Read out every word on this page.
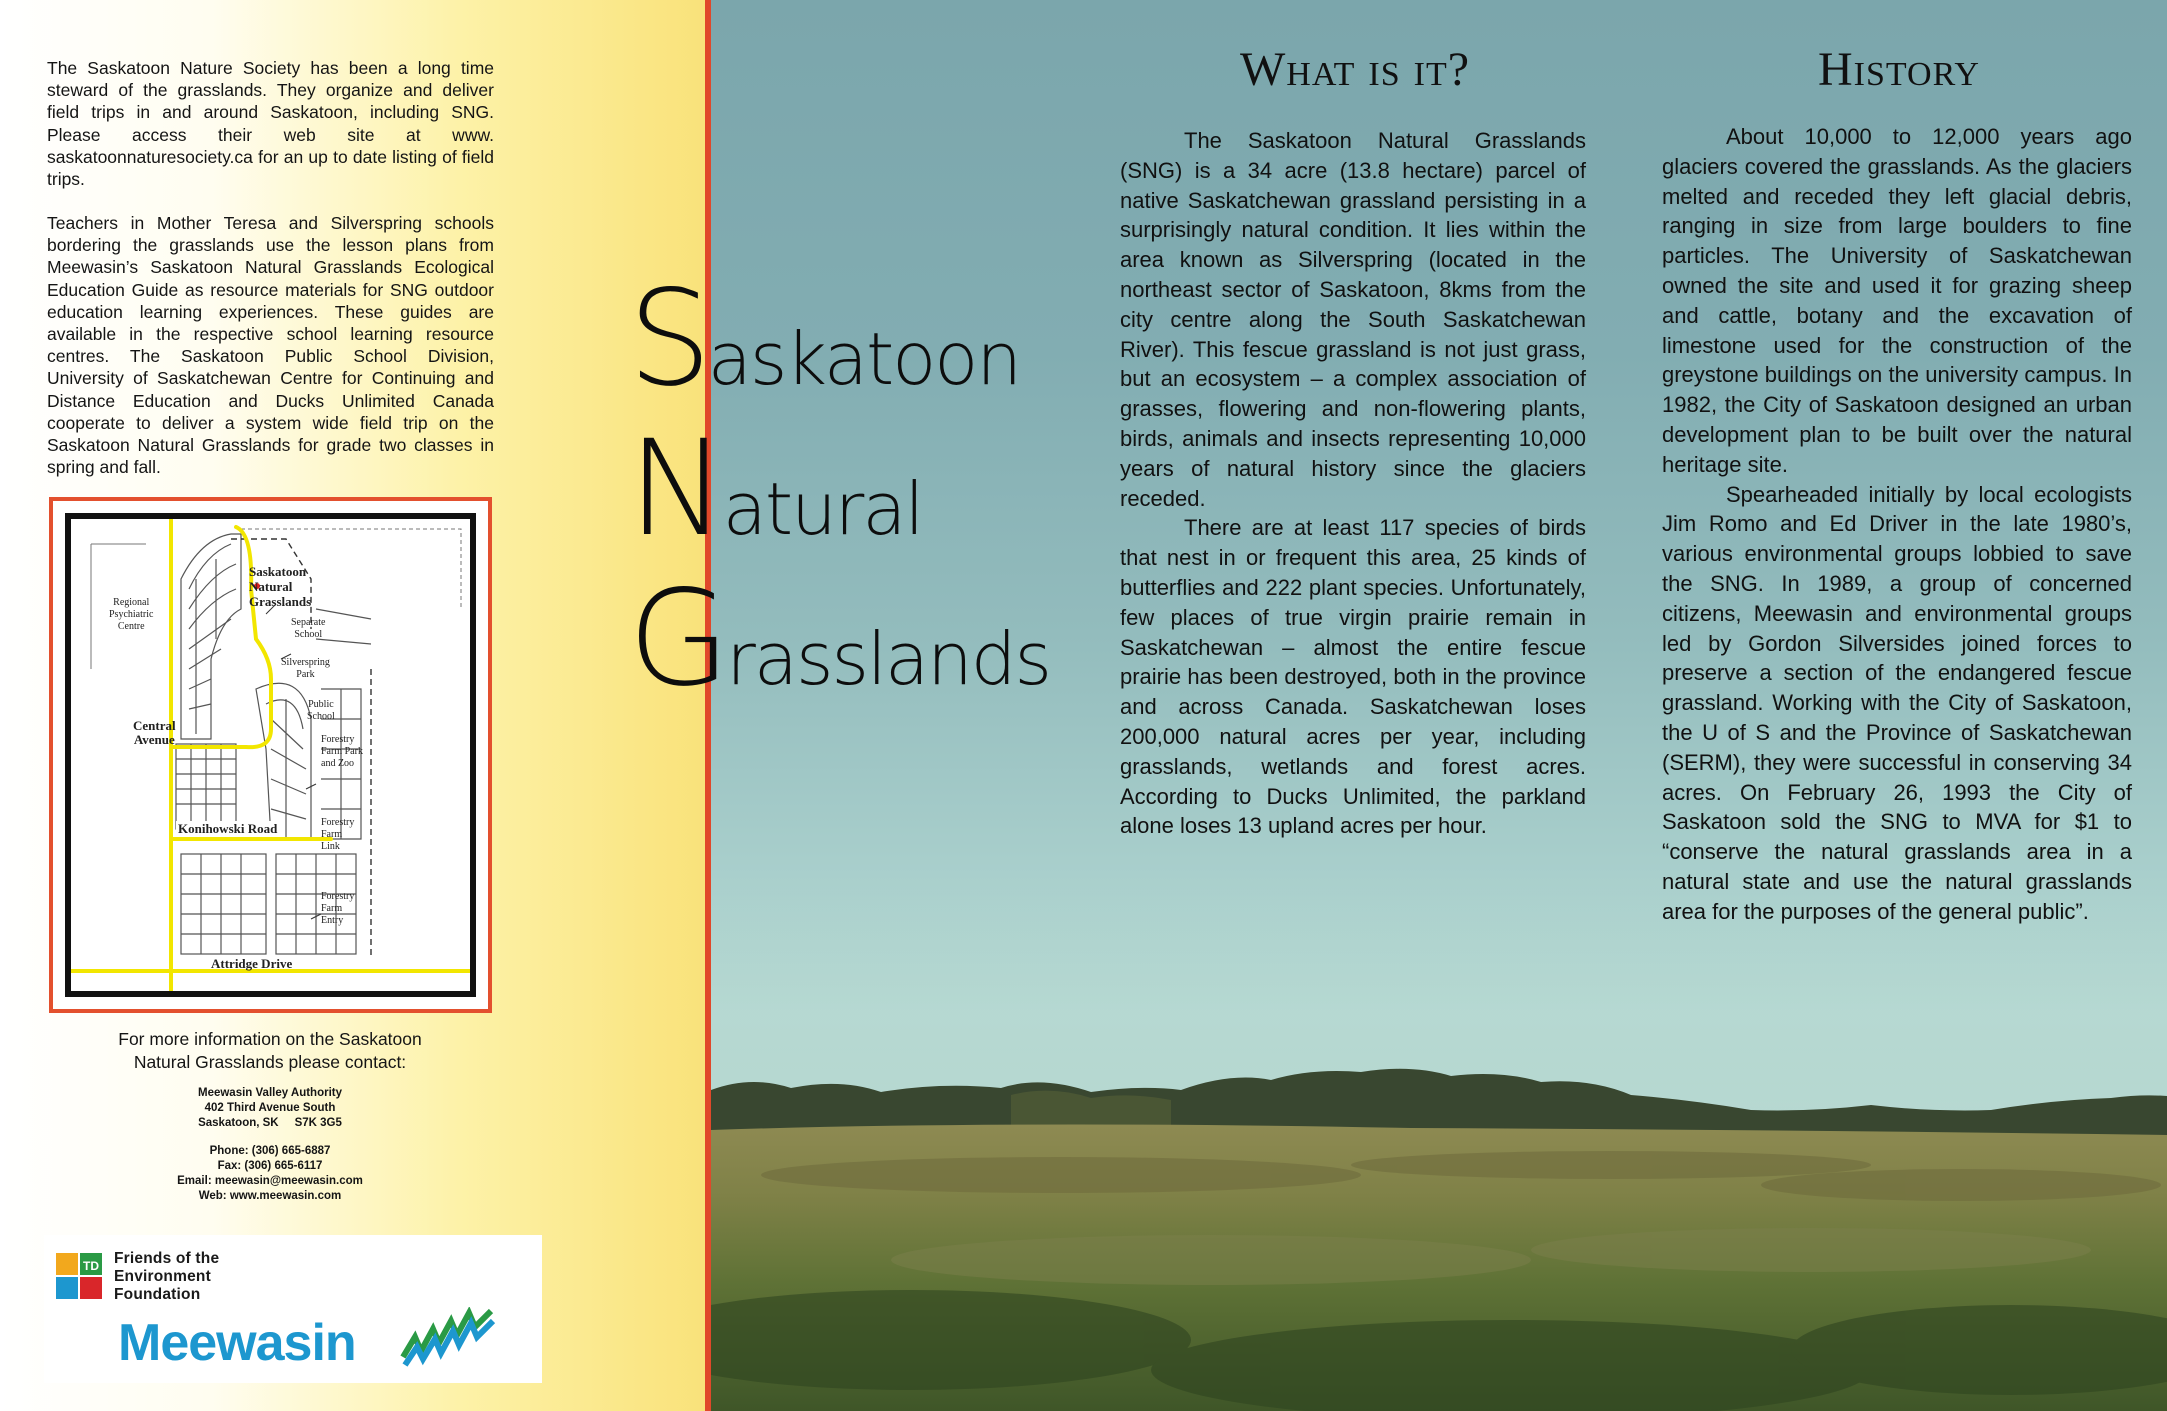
The Saskatoon Nature Society has been a long time steward of the grasslands. They organize and deliver field trips in and around Saskatoon, including SNG. Please access their web site at www. saskatoonnaturesociety.ca for an up to date listing of field trips.
Teachers in Mother Teresa and Silverspring schools bordering the grasslands use the lesson plans from Meewasin’s Saskatoon Natural Grasslands Ecological Education Guide as resource materials for SNG outdoor education learning experiences. These guides are available in the respective school learning resource centres. The Saskatoon Public School Division, University of Saskatchewan Centre for Continuing and Distance Education and Ducks Unlimited Canada cooperate to deliver a system wide field trip on the Saskatoon Natural Grasslands for grade two classes in spring and fall.
Regional
Psychiatric
Centre
Saskatoon
Natural
Grasslands
Separate
School
Silverspring
Park
Public
School
Central
Avenue	Forestry
Farm Park
and Zoo
Konihowski Road	Forestry
Farm
Link
Forestry
Farm
Entry
Attridge Drive
For more information on the Saskatoon
Natural Grasslands please contact:
Meewasin Valley Authority
402 Third Avenue South
Saskatoon, SK     S7K 3G5
Phone: (306) 665-6887
Fax: (306) 665-6117
Email: meewasin@meewasin.com
Web: www.meewasin.com
TD Friends of the
Environment
Foundation
Meewasin
What is it?	History

The Saskatoon Natural Grasslands (SNG) is a 34 acre (13.8 hectare) parcel of native Saskatchewan grassland persisting in a surprisingly natural condition. It lies within the area known as Silverspring (located in the northeast sector of Saskatoon, 8kms from the city centre along the South Saskatchewan River). This fescue grassland is not just grass, but an ecosystem – a complex association of grasses, flowering and non-flowering plants, birds, animals and insects representing 10,000 years of natural history since the glaciers receded.

There are at least 117 species of birds that nest in or frequent this area, 25 kinds of butterflies and 222 plant species. Unfortunately, few places of true virgin prairie remain in Saskatchewan – almost the entire fescue prairie has been destroyed, both in the province and across Canada. Saskatchewan loses 200,000 natural acres per year, including grasslands, wetlands and forest acres. According to Ducks Unlimited, the parkland alone loses 13 upland acres per hour.

About 10,000 to 12,000 years ago glaciers covered the grasslands. As the glaciers melted and receded they left glacial debris, ranging in size from large boulders to fine particles. The University of Saskatchewan owned the site and used it for grazing sheep and cattle, botany and the excavation of limestone used for the construction of the greystone buildings on the university campus. In 1982, the City of Saskatoon designed an urban development plan to be built over the natural heritage site.

Spearheaded initially by local ecologists Jim Romo and Ed Driver in the late 1980’s, various environmental groups lobbied to save the SNG. In 1989, a group of concerned citizens, Meewasin and environmental groups led by Gordon Silversides joined forces to preserve a section of the endangered fescue grassland. Working with the City of Saskatoon, the U of S and the Province of Saskatchewan (SERM), they were successful in conserving 34 acres. On February 26, 1993 the City of Saskatoon sold the SNG to MVA for $1 to “conserve the natural grasslands area in a natural state and use the natural grasslands area for the purposes of the general public”.

Saskatoon
Natural
Grasslands
